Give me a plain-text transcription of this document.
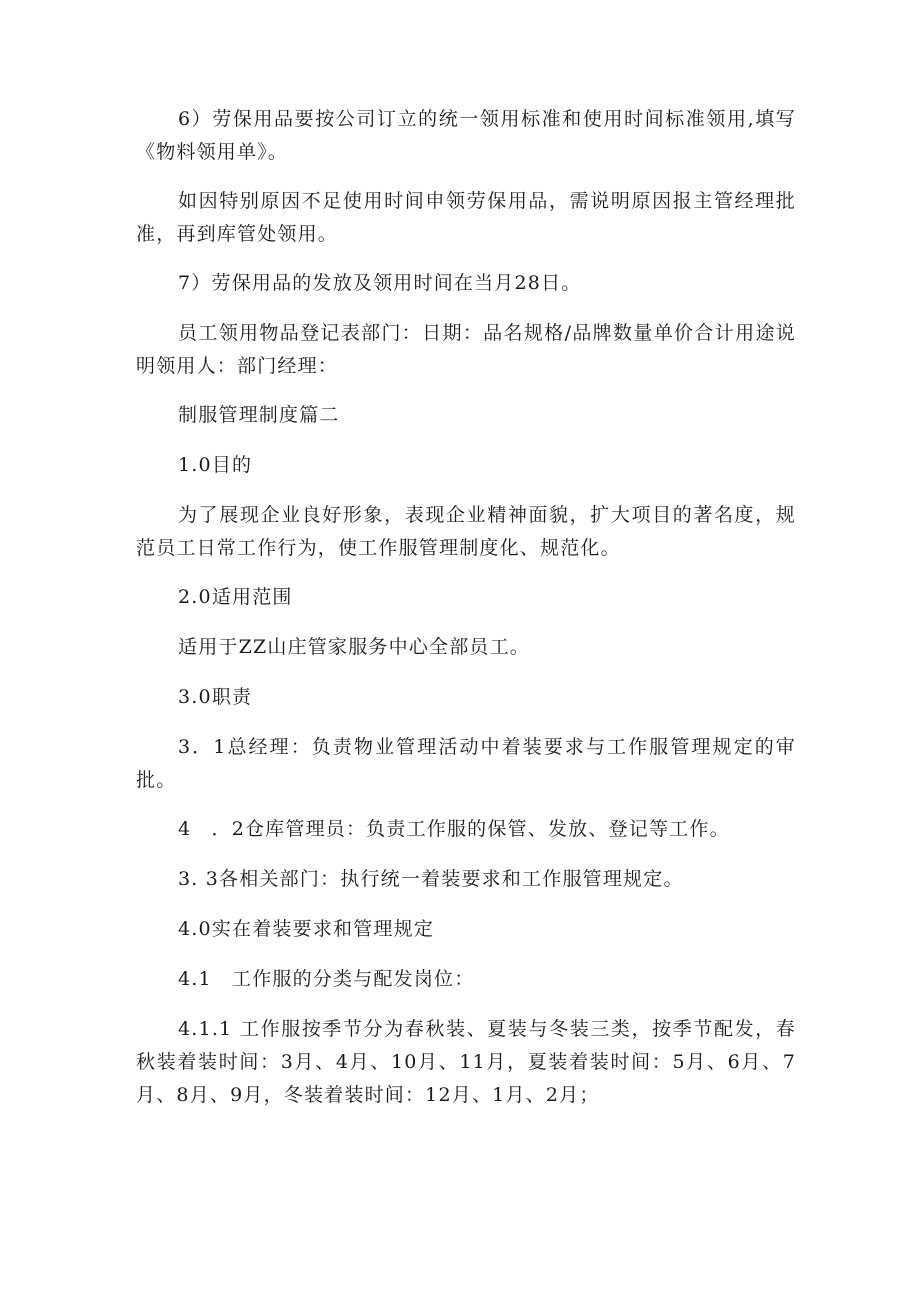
6）劳保用品要按公司订立的统一领用标准和使用时间标准领用,填写《物料领用单》。

如因特别原因不足使用时间申领劳保用品，需说明原因报主管经理批准，再到库管处领用。

7）劳保用品的发放及领用时间在当月28日。

员工领用物品登记表部门：日期：品名规格/品牌数量单价合计用途说明领用人：部门经理：

制服管理制度篇二

1.0目的

为了展现企业良好形象，表现企业精神面貌，扩大项目的著名度，规范员工日常工作行为，使工作服管理制度化、规范化。

2.0适用范围

适用于ZZ山庄管家服务中心全部员工。

3.0职责

3．1总经理：负责物业管理活动中着装要求与工作服管理规定的审批。

4　．2仓库管理员：负责工作服的保管、发放、登记等工作。

3. 3各相关部门：执行统一着装要求和工作服管理规定。

4.0实在着装要求和管理规定

4.1　工作服的分类与配发岗位：

4.1.1 工作服按季节分为春秋装、夏装与冬装三类，按季节配发，春秋装着装时间：3月、4月、10月、11月，夏装着装时间：5月、6月、7月、8月、9月，冬装着装时间：12月、1月、2月；
